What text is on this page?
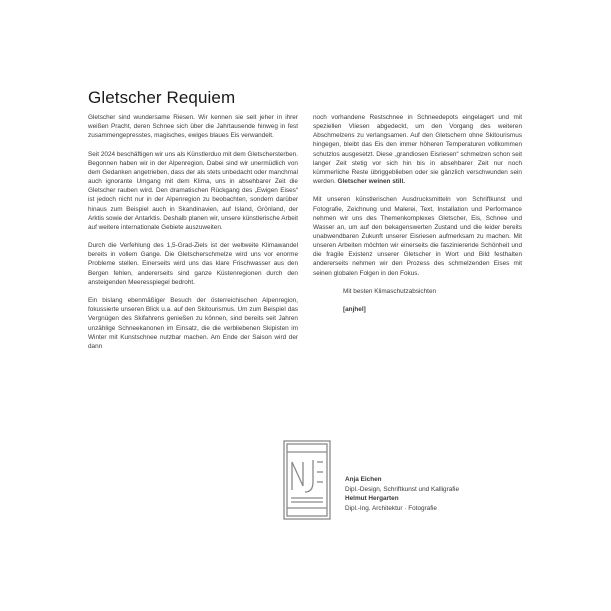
Gletscher Requiem

Gletscher sind wundersame Riesen. Wir kennen sie seit jeher in ihrer weißen Pracht, deren Schnee sich über die Jahrtausende hinweg in fest zusammengepresstes, magisches, ewiges blaues Eis verwandelt.

Seit 2024 beschäftigen wir uns als Künstlerduo mit dem Gletschersterben. Begonnen haben wir in der Alpenregion. Dabei sind wir unermüdlich von dem Gedanken angetrieben, dass der als stets unbedacht oder manchmal auch ignorante Umgang mit dem Klima, uns in absehbarer Zeit die Gletscher rauben wird. Den dramatischen Rückgang des „Ewigen Eises“ ist jedoch nicht nur in der Alpenregion zu beobachten, sondern darüber hinaus zum Beispiel auch in Skandinavien, auf Island, Grönland, der Arktis sowie der Antarktis. Deshalb planen wir, unsere künstlerische Arbeit auf weitere internationale Gebiete auszuweiten.

Durch die Verfehlung des 1,5-Grad-Ziels ist der weltweite Klimawandel bereits in vollem Gange. Die Gletscherschmelze wird uns vor enorme Probleme stellen. Einerseits wird uns das klare Frischwasser aus den Bergen fehlen, andererseits sind ganze Küstenregionen durch den ansteigenden Meeresspiegel bedroht.

Ein bislang ebenmäßiger Besuch der österreichischen Alpenregion, fokussierte unseren Blick u.a. auf den Skitourismus. Um zum Beispiel das Vergnügen des Skifahrens genießen zu können, sind bereits seit Jahren unzählige Schneekanonen im Einsatz, die die verbliebenen Skipisten im Winter mit Kunstschnee nutzbar machen. Am Ende der Saison wird der dann

noch vorhandene Restschnee in Schneedepots eingelagert und mit speziellen Vliesen abgedeckt, um den Vorgang des weiteren Abschmelzens zu verlangsamen. Auf den Gletschern ohne Skitourismus hingegen, bleibt das Eis den immer höheren Temperaturen vollkommen schutzlos ausgesetzt. Diese „grandiosen Eisriesen“ schmelzen schon seit langer Zeit stetig vor sich hin bis in absehbarer Zeit nur noch kümmerliche Reste übriggeblieben oder sie gänzlich verschwunden sein werden. Gletscher weinen still.

Mit unseren künstlerischen Ausdrucksmitteln von Schriftkunst und Fotografie, Zeichnung und Malerei, Text, Installation und Performance nehmen wir uns des Themenkomplexes Gletscher, Eis, Schnee und Wasser an, um auf den bekagenswerten Zustand und die leider bereits unabwendbaren Zukunft unserer Eisriesen aufmerksam zu machen. Mit unseren Arbeiten möchten wir einerseits die faszinierende Schönheit und die fragile Existenz unserer Gletscher in Wort und Bild festhalten andererseits nehmen wir den Prozess des schmelzenden Eises mit seinen globalen Folgen in den Fokus.

Mit besten Klimaschutzabsichten

[anjhel]

Anja Eichen
Dipl.-Design, Schriftkunst und Kalligrafie
Helmut Hergarten
Dipl.-Ing. Architektur · Fotografie
